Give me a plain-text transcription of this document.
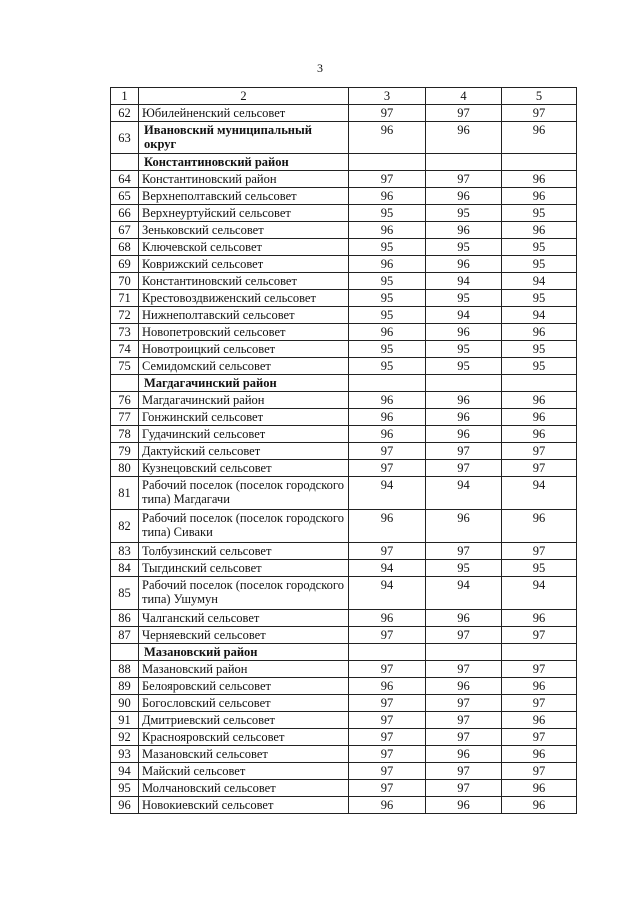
3
1	2	3	4	5
62	Юбилейненский сельсовет	97	97	97
63	Ивановский муниципальный округ	96	96	96
	Константиновский район			
64	Константиновский район	97	97	96
65	Верхнеполтавский сельсовет	96	96	96
66	Верхнеуртуйский сельсовет	95	95	95
67	Зеньковский сельсовет	96	96	96
68	Ключевской сельсовет	95	95	95
69	Коврижский сельсовет	96	96	95
70	Константиновский сельсовет	95	94	94
71	Крестовоздвиженский сельсовет	95	95	95
72	Нижнеполтавский сельсовет	95	94	94
73	Новопетровский сельсовет	96	96	96
74	Новотроицкий сельсовет	95	95	95
75	Семидомский сельсовет	95	95	95
	Магдагачинский район			
76	Магдагачинский район	96	96	96
77	Гонжинский сельсовет	96	96	96
78	Гудачинский сельсовет	96	96	96
79	Дактуйский сельсовет	97	97	97
80	Кузнецовский сельсовет	97	97	97
81	Рабочий поселок (поселок городского типа) Магдагачи	94	94	94
82	Рабочий поселок (поселок городского типа) Сиваки	96	96	96
83	Толбузинский сельсовет	97	97	97
84	Тыгдинский сельсовет	94	95	95
85	Рабочий поселок (поселок городского типа) Ушумун	94	94	94
86	Чалганский сельсовет	96	96	96
87	Черняевский сельсовет	97	97	97
	Мазановский район			
88	Мазановский район	97	97	97
89	Белояровский сельсовет	96	96	96
90	Богословский сельсовет	97	97	97
91	Дмитриевский сельсовет	97	97	96
92	Краснояровский сельсовет	97	97	97
93	Мазановский сельсовет	97	96	96
94	Майский сельсовет	97	97	97
95	Молчановский сельсовет	97	97	96
96	Новокиевский сельсовет	96	96	96
